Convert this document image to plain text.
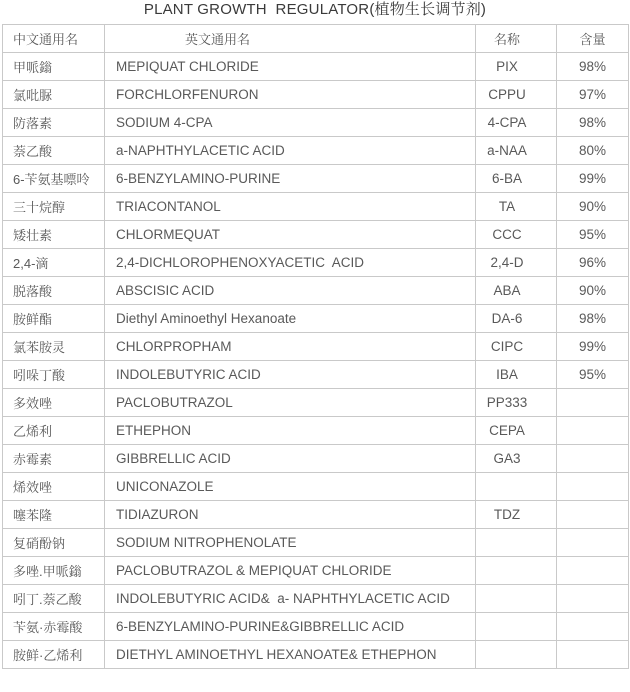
PLANT GROWTH  REGULATOR(植物生长调节剂)
中文通用名	英文通用名	名称	含量
甲哌鎓	MEPIQUAT CHLORIDE	PIX	98%
氯吡脲	FORCHLORFENURON	CPPU	97%
防落素	SODIUM 4-CPA	4-CPA	98%
萘乙酸	a-NAPHTHYLACETIC ACID	a-NAA	80%
6-苄氨基嘌呤	6-BENZYLAMINO-PURINE	6-BA	99%
三十烷醇	TRIACONTANOL	TA	90%
矮壮素	CHLORMEQUAT	CCC	95%
2,4-滴	2,4-DICHLOROPHENOXYACETIC  ACID	2,4-D	96%
脱落酸	ABSCISIC ACID	ABA	90%
胺鲜酯	Diethyl Aminoethyl Hexanoate	DA-6	98%
氯苯胺灵	CHLORPROPHAM	CIPC	99%
吲哚丁酸	INDOLEBUTYRIC ACID	IBA	95%
多效唑	PACLOBUTRAZOL	PP333	
乙烯利	ETHEPHON	CEPA	
赤霉素	GIBBRELLIC ACID	GA3	
烯效唑	UNICONAZOLE		
噻苯隆	TIDIAZURON	TDZ	
复硝酚钠	SODIUM NITROPHENOLATE		
多唑.甲哌鎓	PACLOBUTRAZOL & MEPIQUAT CHLORIDE		
吲丁.萘乙酸	INDOLEBUTYRIC ACID&  a- NAPHTHYLACETIC ACID		
苄氨·赤霉酸	6-BENZYLAMINO-PURINE&GIBBRELLIC ACID		
胺鲜·乙烯利	DIETHYL AMINOETHYL HEXANOATE& ETHEPHON		
